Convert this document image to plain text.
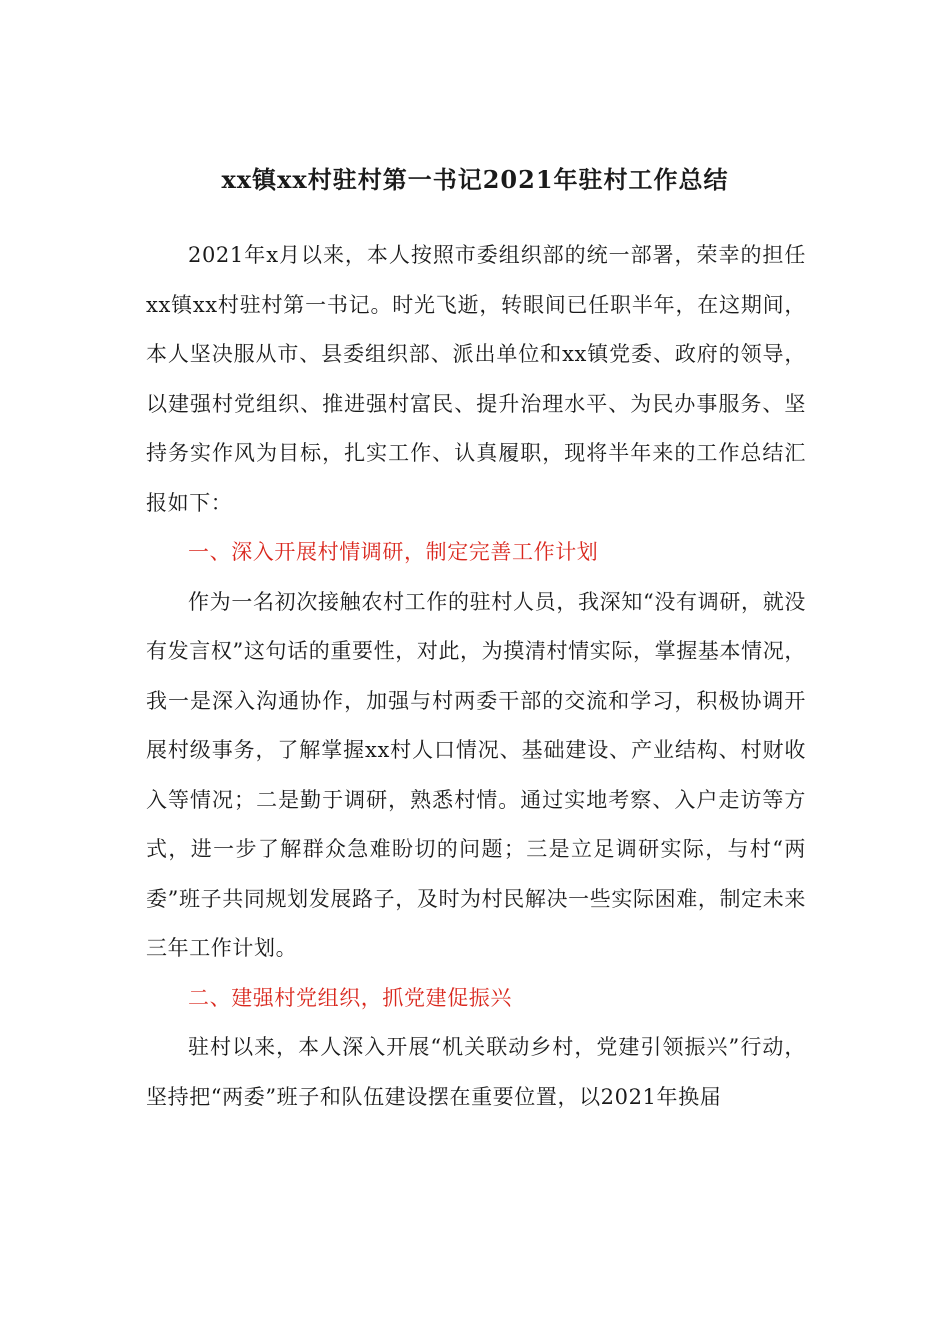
xx镇xx村驻村第一书记2021年驻村工作总结

2021年x月以来，本人按照市委组织部的统一部署，荣幸的担任xx镇xx村驻村第一书记。时光飞逝，转眼间已任职半年，在这期间，本人坚决服从市、县委组织部、派出单位和xx镇党委、政府的领导，以建强村党组织、推进强村富民、提升治理水平、为民办事服务、坚持务实作风为目标，扎实工作、认真履职，现将半年来的工作总结汇报如下：

一、深入开展村情调研，制定完善工作计划

作为一名初次接触农村工作的驻村人员，我深知“没有调研，就没有发言权”这句话的重要性，对此，为摸清村情实际，掌握基本情况，我一是深入沟通协作，加强与村两委干部的交流和学习，积极协调开展村级事务，了解掌握xx村人口情况、基础建设、产业结构、村财收入等情况；二是勤于调研，熟悉村情。通过实地考察、入户走访等方式，进一步了解群众急难盼切的问题；三是立足调研实际，与村“两委”班子共同规划发展路子，及时为村民解决一些实际困难，制定未来三年工作计划。

二、建强村党组织，抓党建促振兴

驻村以来，本人深入开展“机关联动乡村，党建引领振兴”行动，坚持把“两委”班子和队伍建设摆在重要位置，以2021年换届
